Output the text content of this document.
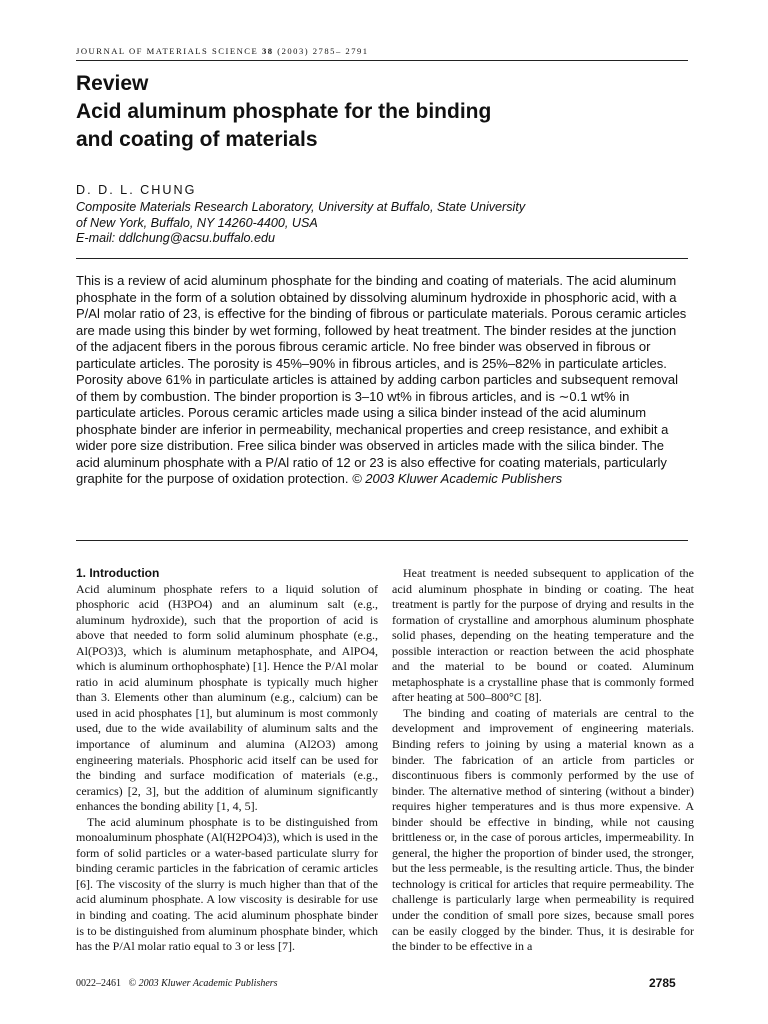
JOURNAL OF MATERIALS SCIENCE 38 (2003) 2785– 2791

Review

Acid aluminum phosphate for the binding

and coating of materials

D. D. L. CHUNG
Composite Materials Research Laboratory, University at Buffalo, State University
of New York, Buffalo, NY 14260-4400, USA
E-mail: ddlchung@acsu.buffalo.edu

This is a review of acid aluminum phosphate for the binding and coating of materials. The acid aluminum phosphate in the form of a solution obtained by dissolving aluminum hydroxide in phosphoric acid, with a P/Al molar ratio of 23, is effective for the binding of fibrous or particulate materials. Porous ceramic articles are made using this binder by wet forming, followed by heat treatment. The binder resides at the junction of the adjacent fibers in the porous fibrous ceramic article. No free binder was observed in fibrous or particulate articles. The porosity is 45%–90% in fibrous articles, and is 25%–82% in particulate articles. Porosity above 61% in particulate articles is attained by adding carbon particles and subsequent removal of them by combustion. The binder proportion is 3–10 wt% in fibrous articles, and is ∼0.1 wt% in particulate articles. Porous ceramic articles made using a silica binder instead of the acid aluminum phosphate binder are inferior in permeability, mechanical properties and creep resistance, and exhibit a wider pore size distribution. Free silica binder was observed in articles made with the silica binder. The acid aluminum phosphate with a P/Al ratio of 12 or 23 is also effective for coating materials, particularly graphite for the purpose of oxidation protection. © 2003 Kluwer Academic Publishers

1. Introduction

Acid aluminum phosphate refers to a liquid solution of phosphoric acid (H3PO4) and an aluminum salt (e.g., aluminum hydroxide), such that the proportion of acid is above that needed to form solid aluminum phosphate (e.g., Al(PO3)3, which is aluminum metaphosphate, and AlPO4, which is aluminum orthophosphate) [1]. Hence the P/Al molar ratio in acid aluminum phosphate is typically much higher than 3. Elements other than aluminum (e.g., calcium) can be used in acid phosphates [1], but aluminum is most commonly used, due to the wide availability of aluminum salts and the importance of aluminum and alumina (Al2O3) among engineering materials. Phosphoric acid itself can be used for the binding and surface modification of materials (e.g., ceramics) [2, 3], but the addition of aluminum significantly enhances the bonding ability [1, 4, 5].

The acid aluminum phosphate is to be distinguished from monoaluminum phosphate (Al(H2PO4)3), which is used in the form of solid particles or a water-based particulate slurry for binding ceramic particles in the fabrication of ceramic articles [6]. The viscosity of the slurry is much higher than that of the acid aluminum phosphate. A low viscosity is desirable for use in binding and coating. The acid aluminum phosphate binder is to be distinguished from aluminum phosphate binder, which has the P/Al molar ratio equal to 3 or less [7].

Heat treatment is needed subsequent to application of the acid aluminum phosphate in binding or coating. The heat treatment is partly for the purpose of drying and results in the formation of crystalline and amorphous aluminum phosphate solid phases, depending on the heating temperature and the possible interaction or reaction between the acid phosphate and the material to be bound or coated. Aluminum metaphosphate is a crystalline phase that is commonly formed after heating at 500–800°C [8].

The binding and coating of materials are central to the development and improvement of engineering materials. Binding refers to joining by using a material known as a binder. The fabrication of an article from particles or discontinuous fibers is commonly performed by the use of binder. The alternative method of sintering (without a binder) requires higher temperatures and is thus more expensive. A binder should be effective in binding, while not causing brittleness or, in the case of porous articles, impermeability. In general, the higher the proportion of binder used, the stronger, but the less permeable, is the resulting article. Thus, the binder technology is critical for articles that require permeability. The challenge is particularly large when permeability is required under the condition of small pore sizes, because small pores can be easily clogged by the binder. Thus, it is desirable for the binder to be effective in a

0022–2461 © 2003 Kluwer Academic Publishers	2785
